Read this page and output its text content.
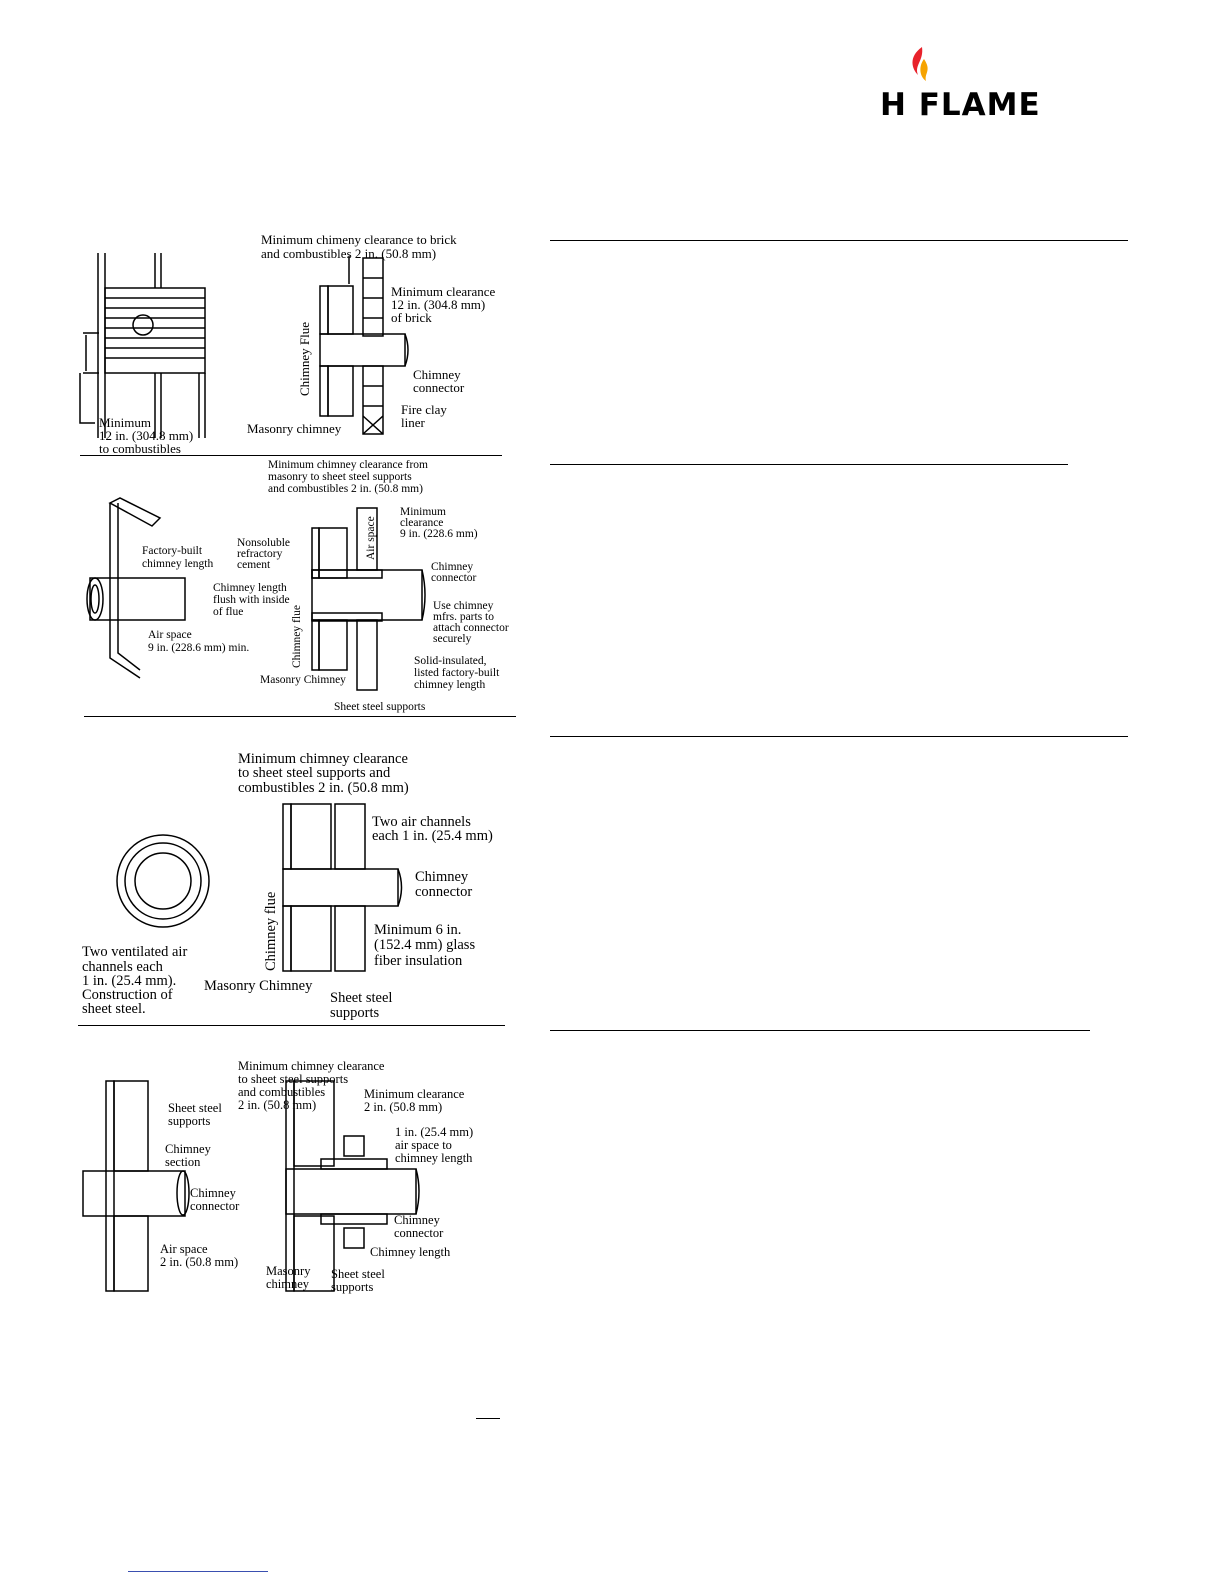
H FLAME
Minimum chimeny clearance to brick
and combustibles 2 in. (50.8 mm)
Minimum clearance
12 in. (304.8 mm)
of brick
Chimney Flue	Chimney
connector
Fire clay
liner
Masonry chimney
Minimum
12 in. (304.8 mm)
to combustibles
Minimum chimney clearance from
masonry to sheet steel supports
and combustibles 2 in. (50.8 mm)
Factory-built
chimney length
Nonsoluble
refractory
cement
Minimum
clearance
9 in. (228.6 mm)
Air space
Chimney
connector
Chimney length
flush with inside
of flue	Use chimney
mfrs. parts to
attach connector
securely
Air space
9 in. (228.6 mm) min.	Chimney flue	Solid-insulated,
listed factory-built
chimney length
Masonry Chimney
Sheet steel supports
Minimum chimney clearance
to sheet steel supports and
combustibles 2 in. (50.8 mm)
Two air channels
each 1 in. (25.4 mm)
Chimney
connector
Chimney flue	Minimum 6 in.
(152.4 mm) glass
fiber insulation
Two ventilated air
channels each
1 in. (25.4 mm).
Construction of
sheet steel.
Masonry Chimney
Sheet steel
supports
Minimum chimney clearance
to sheet steel supports
and combustibles
2 in. (50.8 mm)
Sheet steel
supports
Minimum clearance
2 in. (50.8 mm)
Chimney
section
1 in. (25.4 mm)
air space to
chimney length
Chimney
connector
Chimney
connector
Air space
2 in. (50.8 mm)
Chimney length
Masonry
chimney
Sheet steel
supports
